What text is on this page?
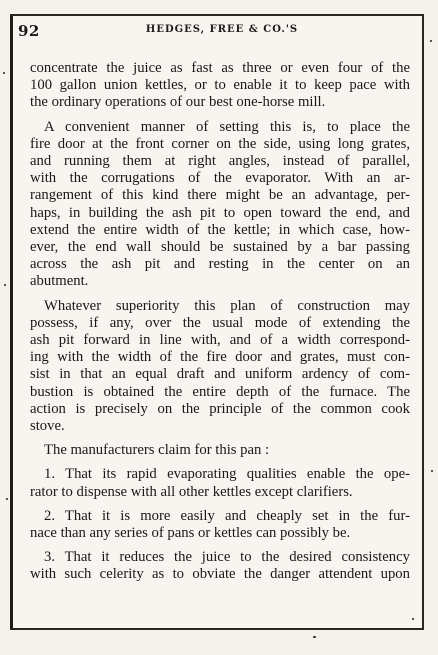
92	HEDGES, FREE & CO.'S

concentrate the juice as fast as three or even four of the
100 gallon union kettles, or to enable it to keep pace with
the ordinary operations of our best one-horse mill.

A convenient manner of setting this is, to place the
fire door at the front corner on the side, using long grates,
and running them at right angles, instead of parallel,
with the corrugations of the evaporator. With an ar-
rangement of this kind there might be an advantage, per-
haps, in building the ash pit to open toward the end, and
extend the entire width of the kettle; in which case, how-
ever, the end wall should be sustained by a bar passing
across the ash pit and resting in the center on an
abutment.

Whatever superiority this plan of construction may
possess, if any, over the usual mode of extending the
ash pit forward in line with, and of a width correspond-
ing with the width of the fire door and grates, must con-
sist in that an equal draft and uniform ardency of com-
bustion is obtained the entire depth of the furnace. The
action is precisely on the principle of the common cook
stove.

The manufacturers claim for this pan :

1. That its rapid evaporating qualities enable the ope-
rator to dispense with all other kettles except clarifiers.

2. That it is more easily and cheaply set in the fur-
nace than any series of pans or kettles can possibly be.

3. That it reduces the juice to the desired consistency
with such celerity as to obviate the danger attendent upon
